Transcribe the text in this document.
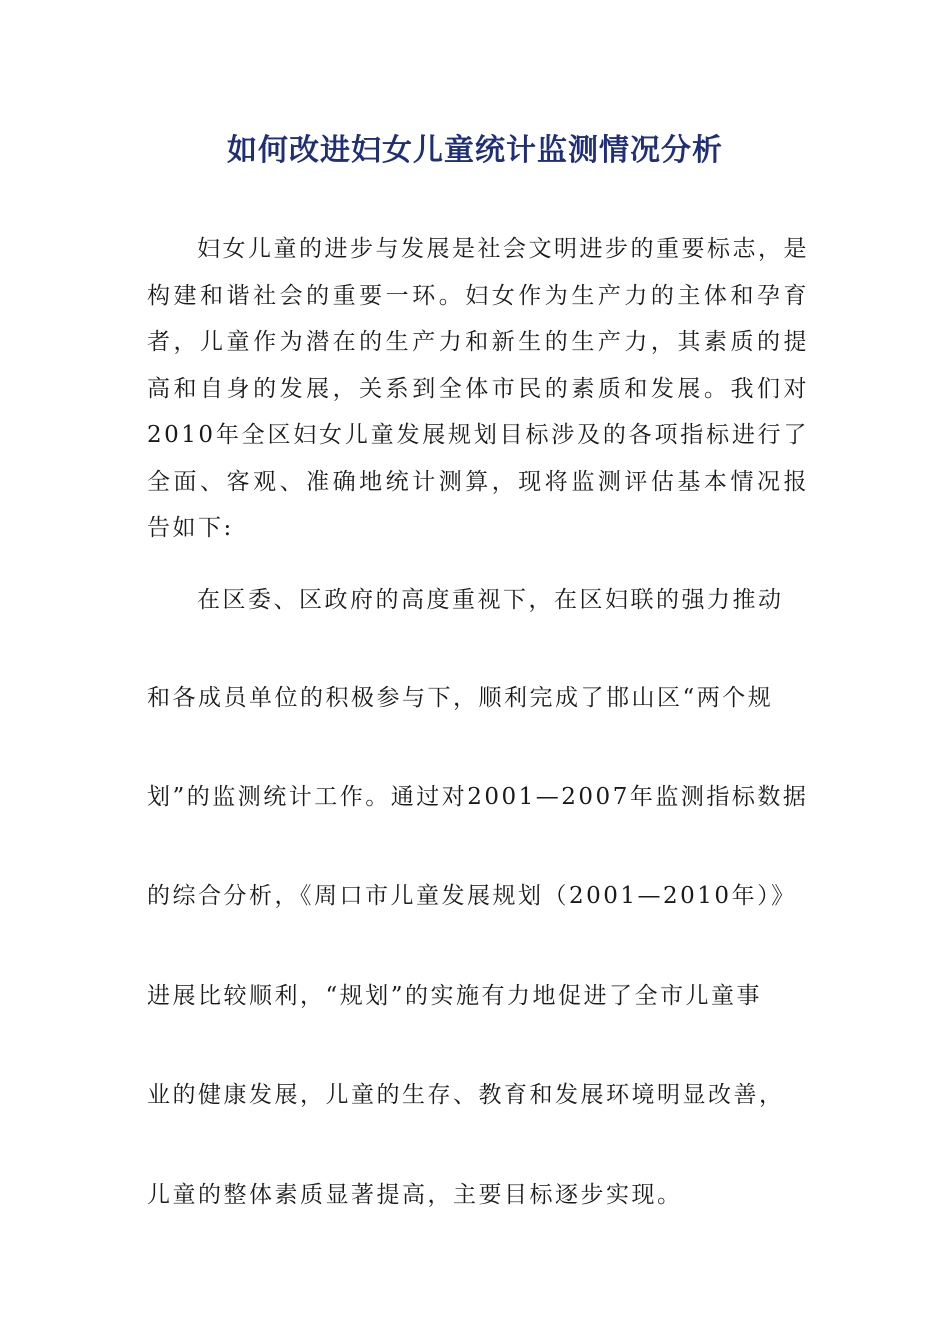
如何改进妇女儿童统计监测情况分析

妇女儿童的进步与发展是社会文明进步的重要标志，是构建和谐社会的重要一环。妇女作为生产力的主体和孕育者，儿童作为潜在的生产力和新生的生产力，其素质的提高和自身的发展，关系到全体市民的素质和发展。我们对2010年全区妇女儿童发展规划目标涉及的各项指标进行了全面、客观、准确地统计测算，现将监测评估基本情况报告如下:

在区委、区政府的高度重视下，在区妇联的强力推动

和各成员单位的积极参与下，顺利完成了邯山区“两个规

划”的监测统计工作。通过对2001—2007年监测指标数据

的综合分析，《周口市儿童发展规划（2001—2010年）》

进展比较顺利，“规划”的实施有力地促进了全市儿童事

业的健康发展，儿童的生存、教育和发展环境明显改善，

儿童的整体素质显著提高，主要目标逐步实现。
